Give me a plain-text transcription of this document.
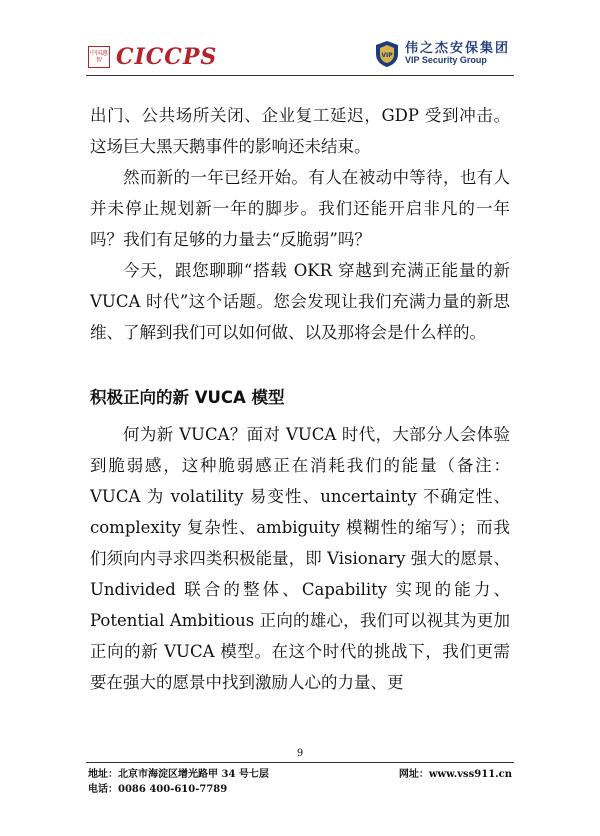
中国惠智 CICCPS	VIP 伟之杰安保集团
VIP Security Group

出门、公共场所关闭、企业复工延迟，GDP 受到冲击。这场巨大黑天鹅事件的影响还未结束。

然而新的一年已经开始。有人在被动中等待，也有人并未停止规划新一年的脚步。我们还能开启非凡的一年吗？我们有足够的力量去“反脆弱”吗？

今天，跟您聊聊“搭载 OKR 穿越到充满正能量的新 VUCA 时代”这个话题。您会发现让我们充满力量的新思维、了解到我们可以如何做、以及那将会是什么样的。

积极正向的新 VUCA 模型

何为新 VUCA？面对 VUCA 时代，大部分人会体验到脆弱感，这种脆弱感正在消耗我们的能量（备注：VUCA 为 volatility 易变性、uncertainty 不确定性、complexity 复杂性、ambiguity 模糊性的缩写）；而我们须向内寻求四类积极能量，即 Visionary 强大的愿景、Undivided 联合的整体、Capability 实现的能力、Potential Ambitious 正向的雄心，我们可以视其为更加正向的新 VUCA 模型。在这个时代的挑战下，我们更需要在强大的愿景中找到激励人心的力量、更

9
地址：北京市海淀区增光路甲 34 号七层	网址：www.vss911.cn
电话：0086 400-610-7789
